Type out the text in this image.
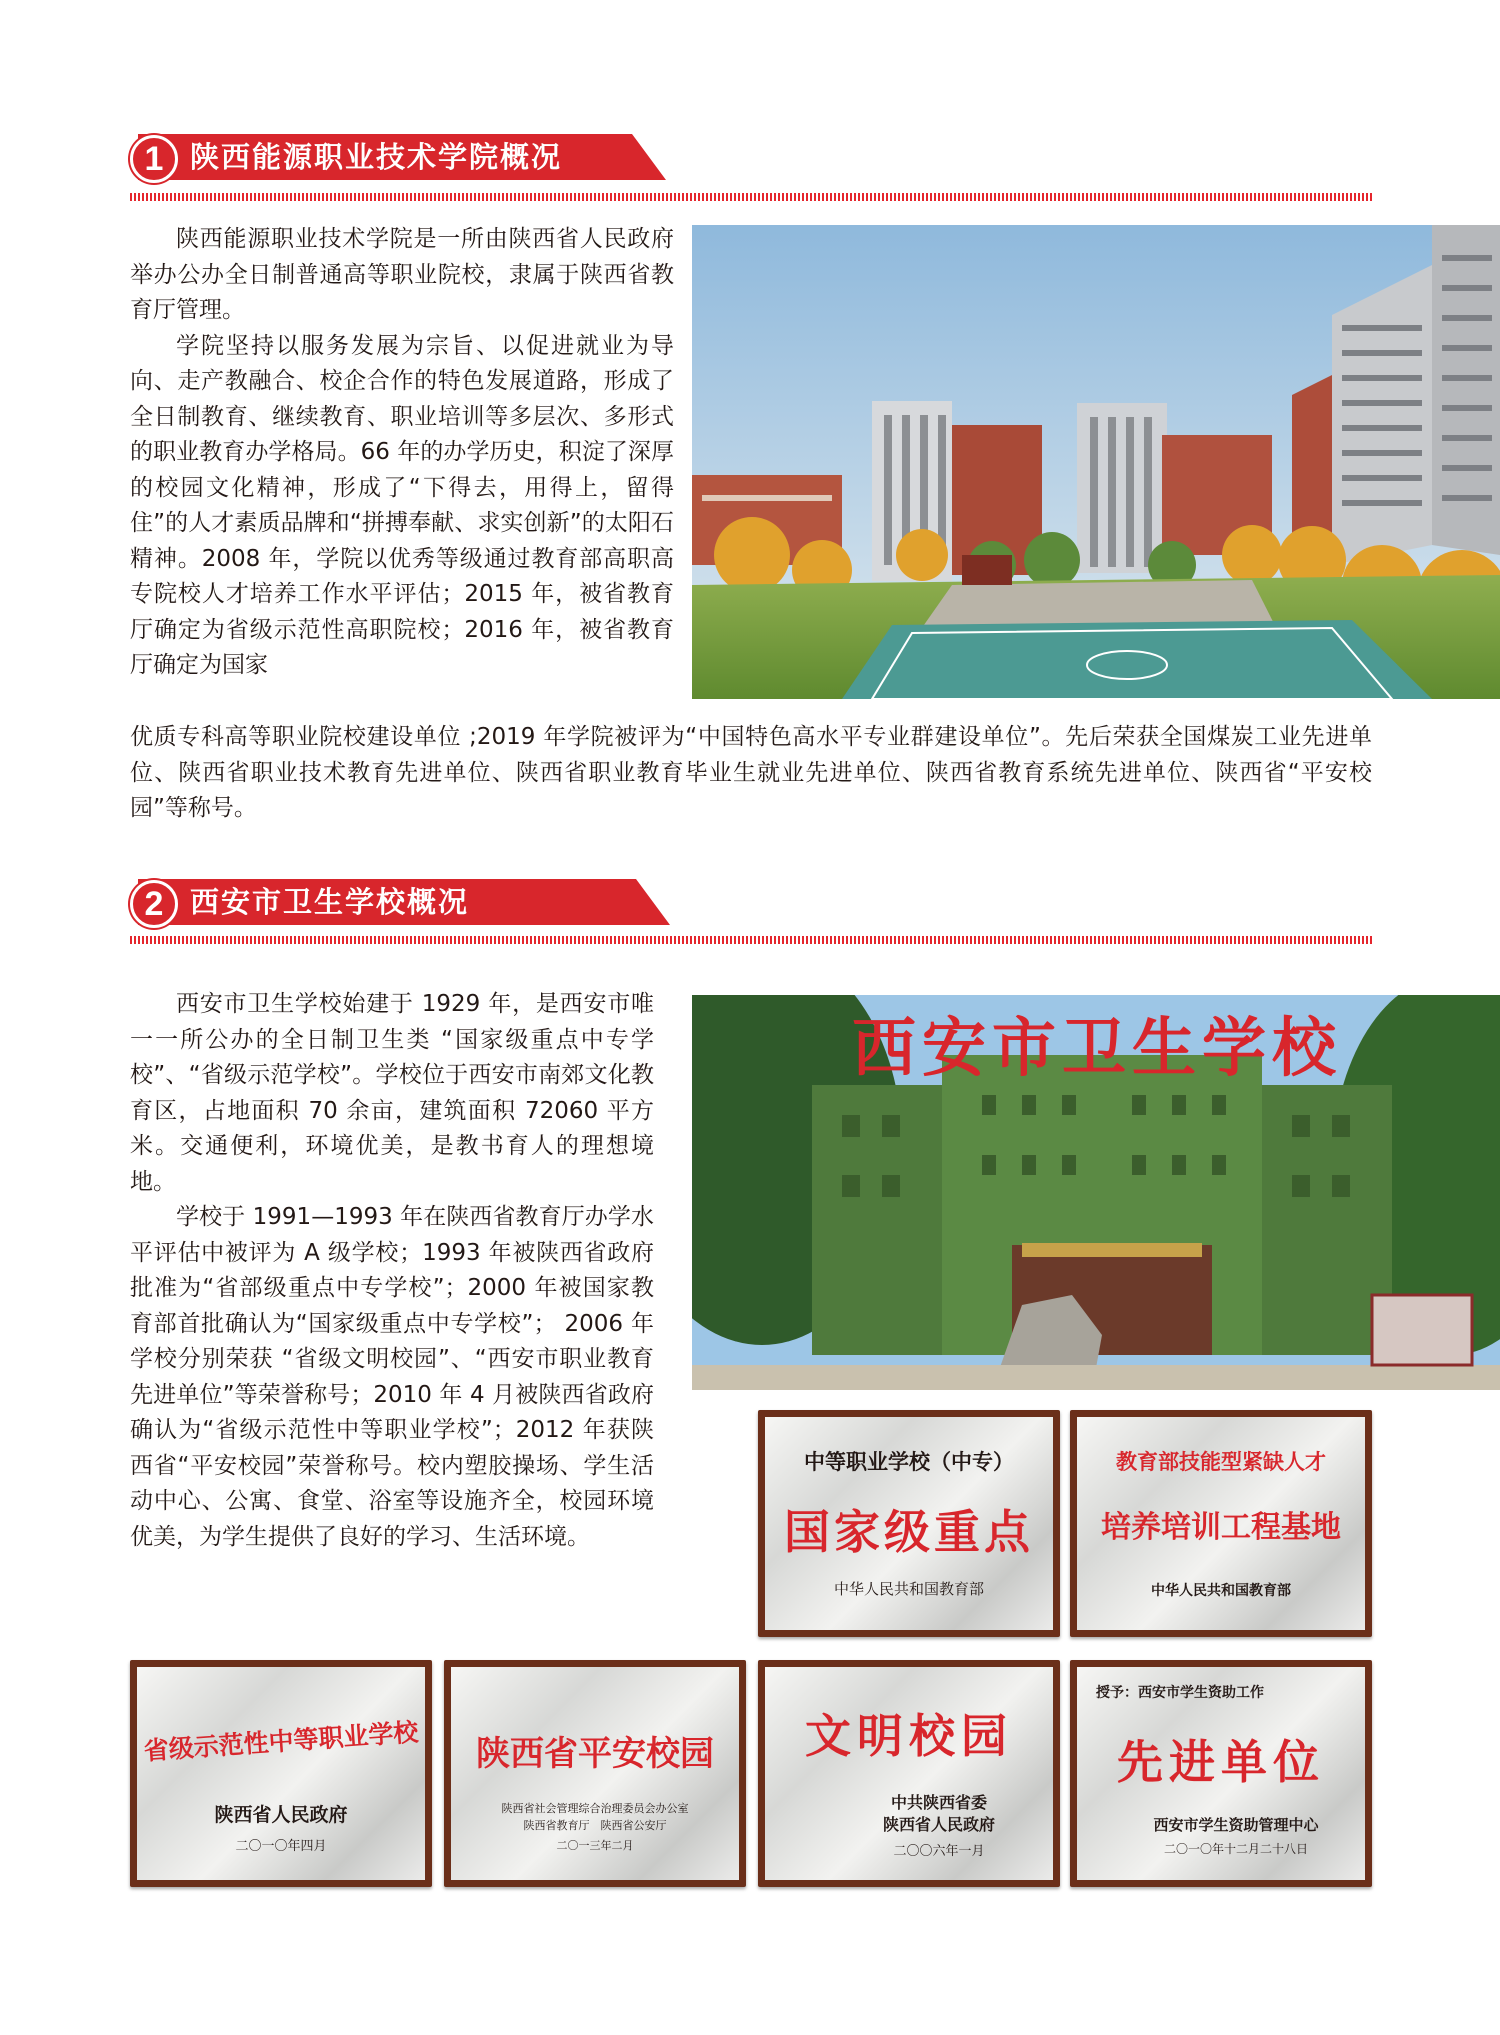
1 陕西能源职业技术学院概况

陕西能源职业技术学院是一所由陕西省人民政府举办公办全日制普通高等职业院校，隶属于陕西省教育厅管理。

学院坚持以服务发展为宗旨、以促进就业为导向、走产教融合、校企合作的特色发展道路，形成了全日制教育、继续教育、职业培训等多层次、多形式的职业教育办学格局。66 年的办学历史，积淀了深厚的校园文化精神，形成了“下得去，用得上，留得住”的人才素质品牌和“拼搏奉献、求实创新”的太阳石精神。2008 年，学院以优秀等级通过教育部高职高专院校人才培养工作水平评估；2015 年，被省教育厅确定为省级示范性高职院校；2016 年，被省教育厅确定为国家

优质专科高等职业院校建设单位 ;2019 年学院被评为“中国特色高水平专业群建设单位”。先后荣获全国煤炭工业先进单位、陕西省职业技术教育先进单位、陕西省职业教育毕业生就业先进单位、陕西省教育系统先进单位、陕西省“平安校园”等称号。

2 西安市卫生学校概况

西安市卫生学校始建于 1929 年，是西安市唯一一所公办的全日制卫生类 “国家级重点中专学校”、“省级示范学校”。学校位于西安市南郊文化教育区，占地面积 70 余亩，建筑面积 72060 平方米。交通便利，环境优美，是教书育人的理想境地。

学校于 1991—1993 年在陕西省教育厅办学水平评估中被评为 A 级学校；1993 年被陕西省政府批准为“省部级重点中专学校”；2000 年被国家教育部首批确认为“国家级重点中专学校”； 2006 年学校分别荣获 “省级文明校园”、“西安市职业教育先进单位”等荣誉称号；2010 年 4 月被陕西省政府确认为“省级示范性中等职业学校”；2012 年获陕西省“平安校园”荣誉称号。校内塑胶操场、学生活动中心、公寓、食堂、浴室等设施齐全，校园环境优美，为学生提供了良好的学习、生活环境。

西安市卫生学校
中等职业学校（中专）
国家级重点
中华人民共和国教育部
教育部技能型紧缺人才
培养培训工程基地
中华人民共和国教育部
省级示范性中等职业学校
陕西省人民政府
二〇一〇年四月
陕西省平安校园
陕西省社会管理综合治理委员会办公室
陕西省教育厅　陕西省公安厅
二〇一三年二月
文明校园
中共陕西省委
陕西省人民政府
二〇〇六年一月
授予：西安市学生资助工作
先进单位
西安市学生资助管理中心
二〇一〇年十二月二十八日
